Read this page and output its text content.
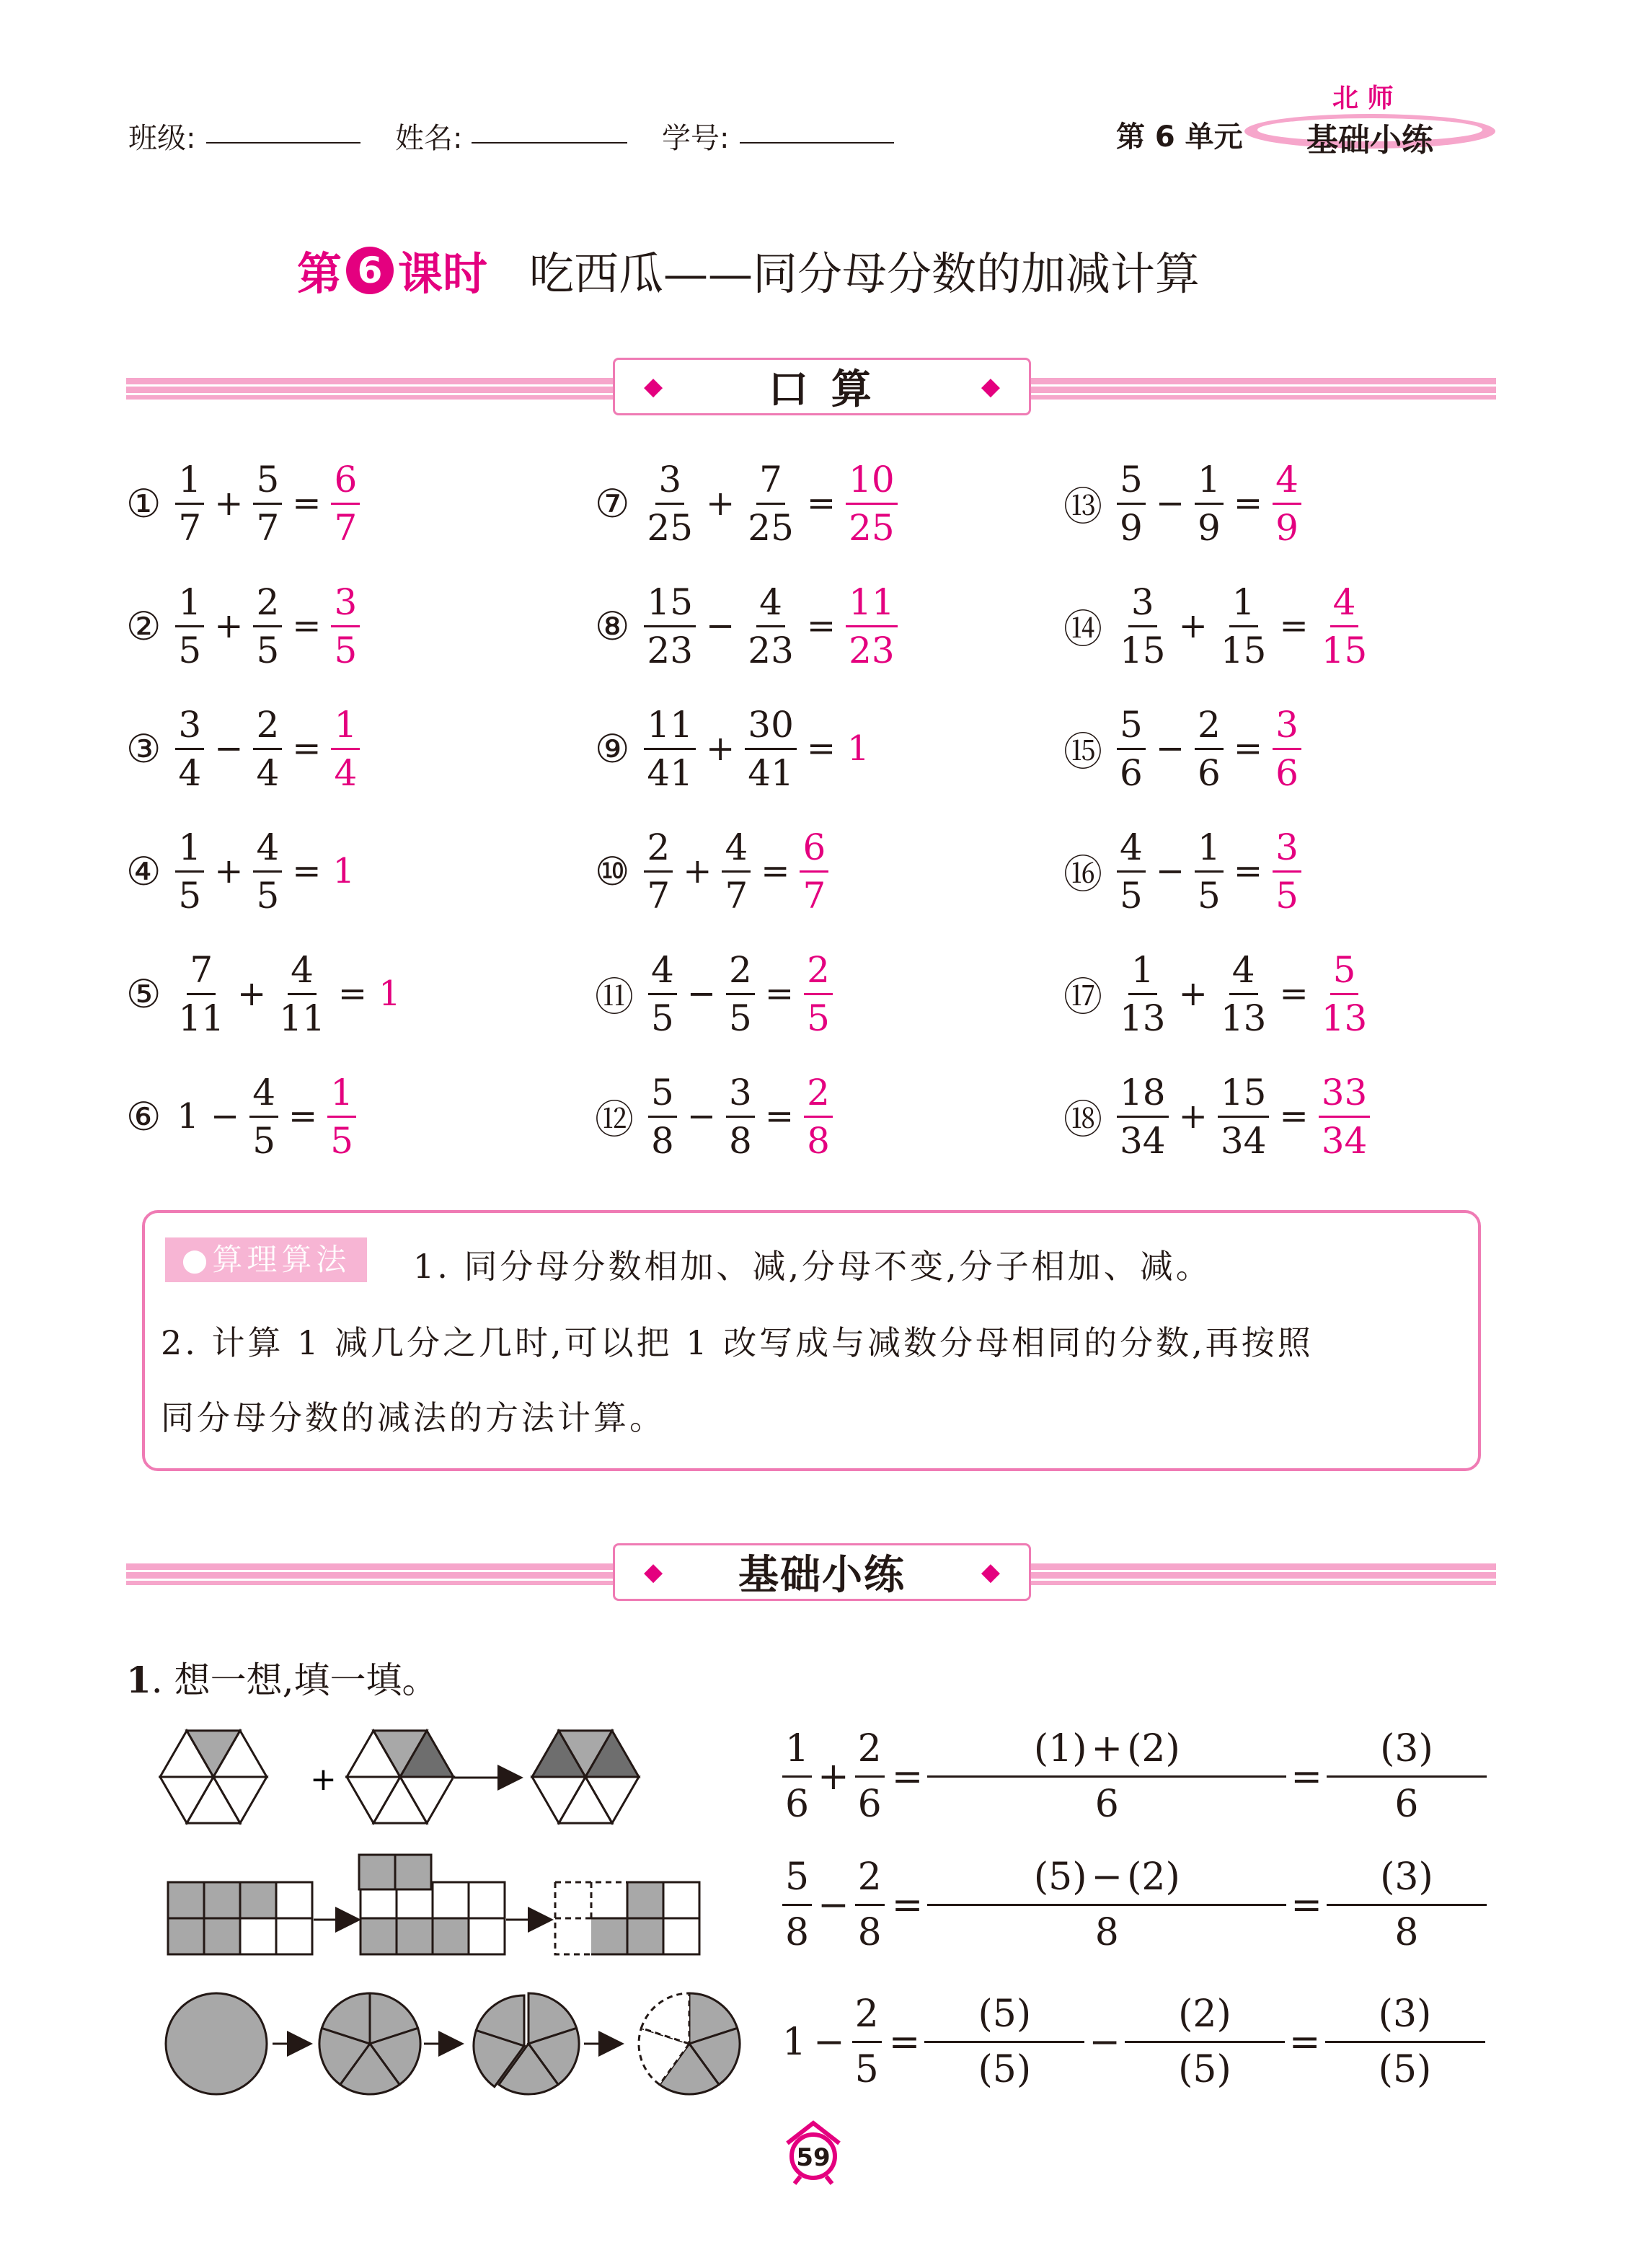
班级:	姓名:	学号:	第 6 单元	基础小练
北 师
第 6 课时 吃西瓜——同分母分数的加减计算
◆	口 算	◆
① $\frac{1}{7} + \frac{5}{7} = \frac{6}{7}$
② $\frac{1}{5} + \frac{2}{5} = \frac{3}{5}$
③ $\frac{3}{4} - \frac{2}{4} = \frac{1}{4}$
④ $\frac{1}{5} + \frac{4}{5} = 1$
⑤ $\frac{7}{11} + \frac{4}{11} = 1$
⑥ $1 - \frac{4}{5} = \frac{1}{5}$
⑦ $\frac{3}{25} + \frac{7}{25} = \frac{10}{25}$
⑧ $\frac{15}{23} - \frac{4}{23} = \frac{11}{23}$
⑨ $\frac{11}{41} + \frac{30}{41} = 1$
⑩ $\frac{2}{7} + \frac{4}{7} = \frac{6}{7}$
⑪ $\frac{4}{5} - \frac{2}{5} = \frac{2}{5}$
⑫ $\frac{5}{8} - \frac{3}{8} = \frac{2}{8}$
⑬ $\frac{5}{9} - \frac{1}{9} = \frac{4}{9}$
⑭ $\frac{3}{15} + \frac{1}{15} = \frac{4}{15}$
⑮ $\frac{5}{6} - \frac{2}{6} = \frac{3}{6}$
⑯ $\frac{4}{5} - \frac{1}{5} = \frac{3}{5}$
⑰ $\frac{1}{13} + \frac{4}{13} = \frac{5}{13}$
⑱ $\frac{18}{34} + \frac{15}{34} = \frac{33}{34}$
●算理算法	1. 同分母分数相加、减,分母不变,分子相加、减。
2. 计算 1 减几分之几时,可以把 1 改写成与减数分母相同的分数,再按照
同分母分数的减法的方法计算。
◆ 基础小练	◆
1. 想一想,填一填。
+	$\frac{1}{6} + \frac{2}{6} = \frac{( 1 ) + ( 2 )}{6} = \frac{( 3 )}{6}$
$\frac{5}{8} - \frac{2}{8} = \frac{( 5 ) - ( 2 )}{8} = \frac{( 3 )}{8}$
$1 - \frac{2}{5} = \frac{( 5 )}{( 5 )} - \frac{( 2 )}{( 5 )} = \frac{( 3 )}{( 5 )}$
59
